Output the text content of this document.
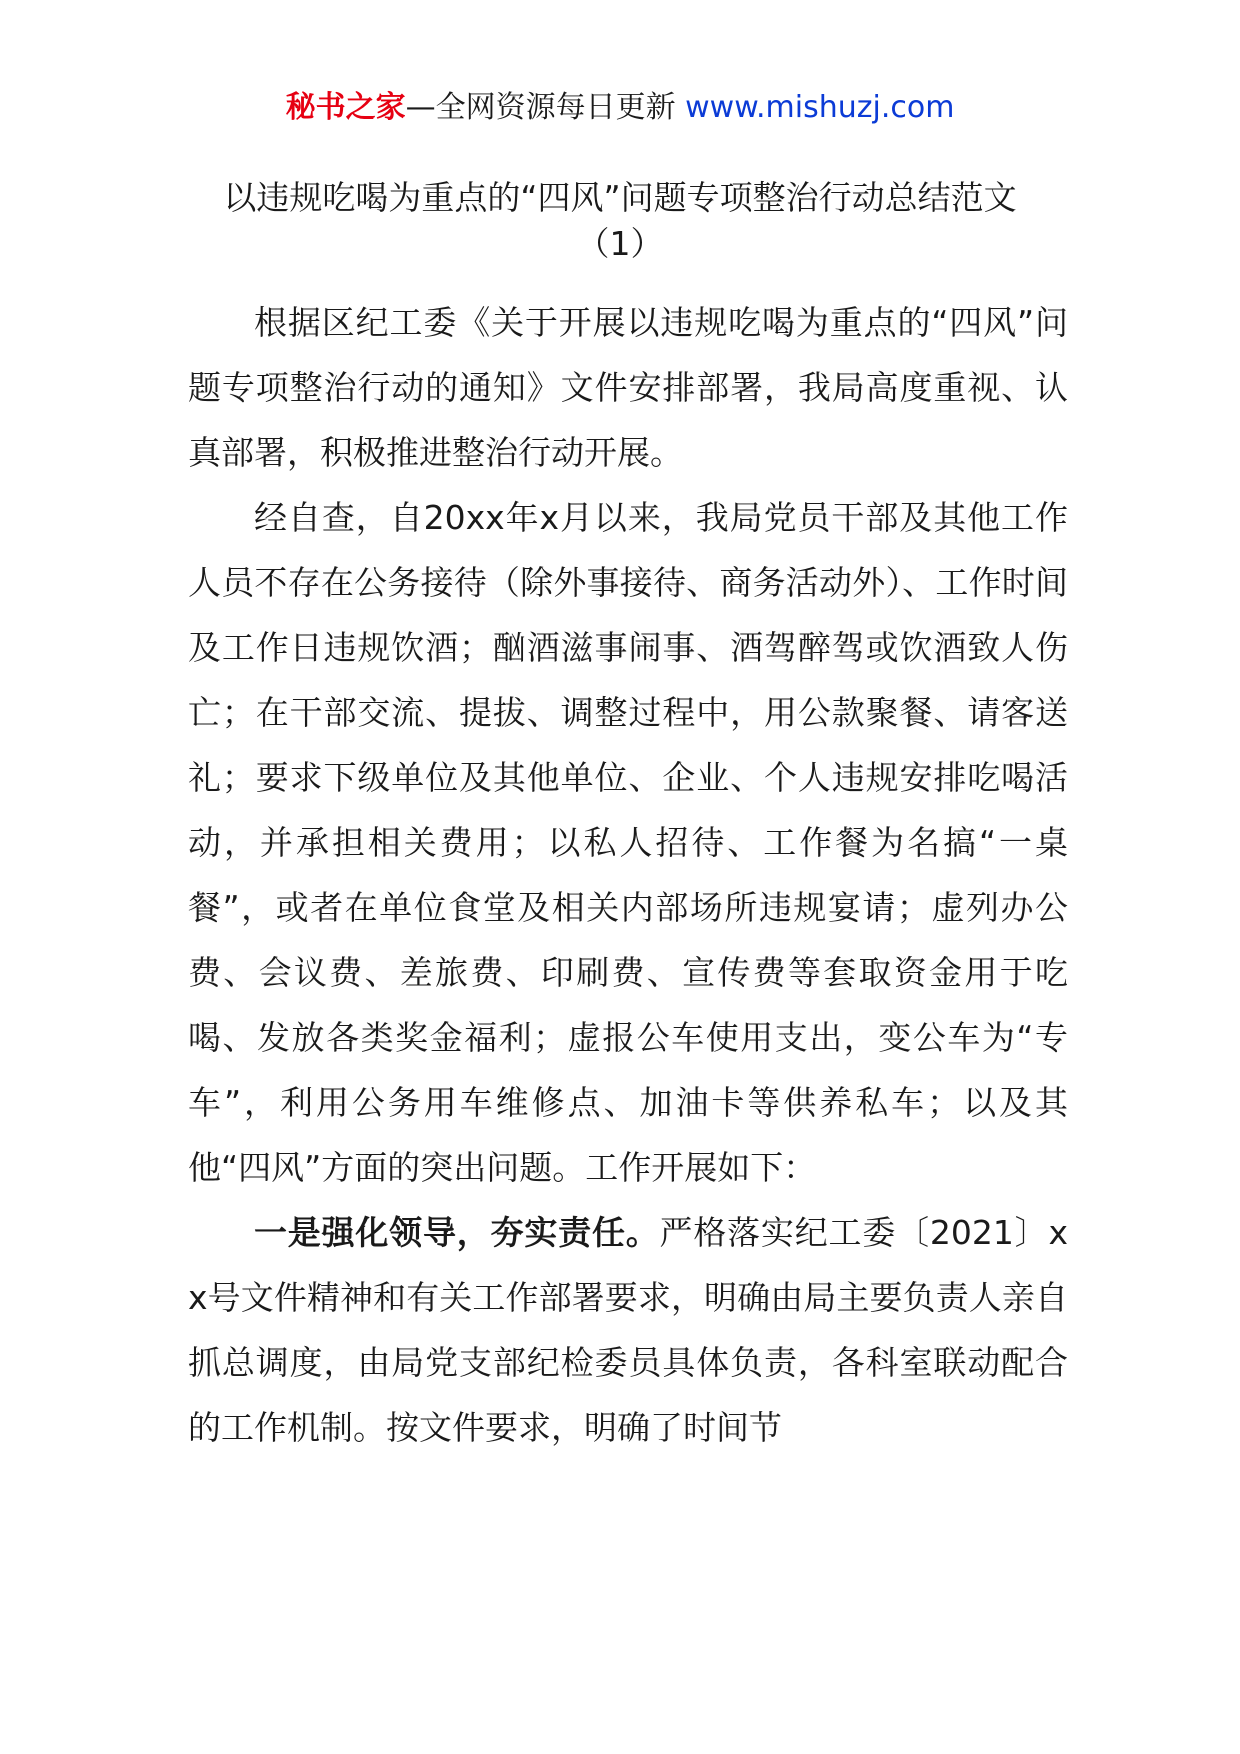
秘书之家—全网资源每日更新 www.mishuzj.com
以违规吃喝为重点的“四风”问题专项整治行动总结范文
（1）

根据区纪工委《关于开展以违规吃喝为重点的“四风”问题专项整治行动的通知》文件安排部署，我局高度重视、认真部署，积极推进整治行动开展。

经自查，自20xx年x月以来，我局党员干部及其他工作人员不存在公务接待（除外事接待、商务活动外）、工作时间及工作日违规饮酒；酗酒滋事闹事、酒驾醉驾或饮酒致人伤亡；在干部交流、提拔、调整过程中，用公款聚餐、请客送礼；要求下级单位及其他单位、企业、个人违规安排吃喝活动，并承担相关费用；以私人招待、工作餐为名搞“一桌餐”，或者在单位食堂及相关内部场所违规宴请；虚列办公费、会议费、差旅费、印刷费、宣传费等套取资金用于吃喝、发放各类奖金福利；虚报公车使用支出，变公车为“专车”，利用公务用车维修点、加油卡等供养私车；以及其他“四风”方面的突出问题。工作开展如下：

一是强化领导，夯实责任。严格落实纪工委〔2021〕xx号文件精神和有关工作部署要求，明确由局主要负责人亲自抓总调度，由局党支部纪检委员具体负责，各科室联动配合的工作机制。按文件要求，明确了时间节
